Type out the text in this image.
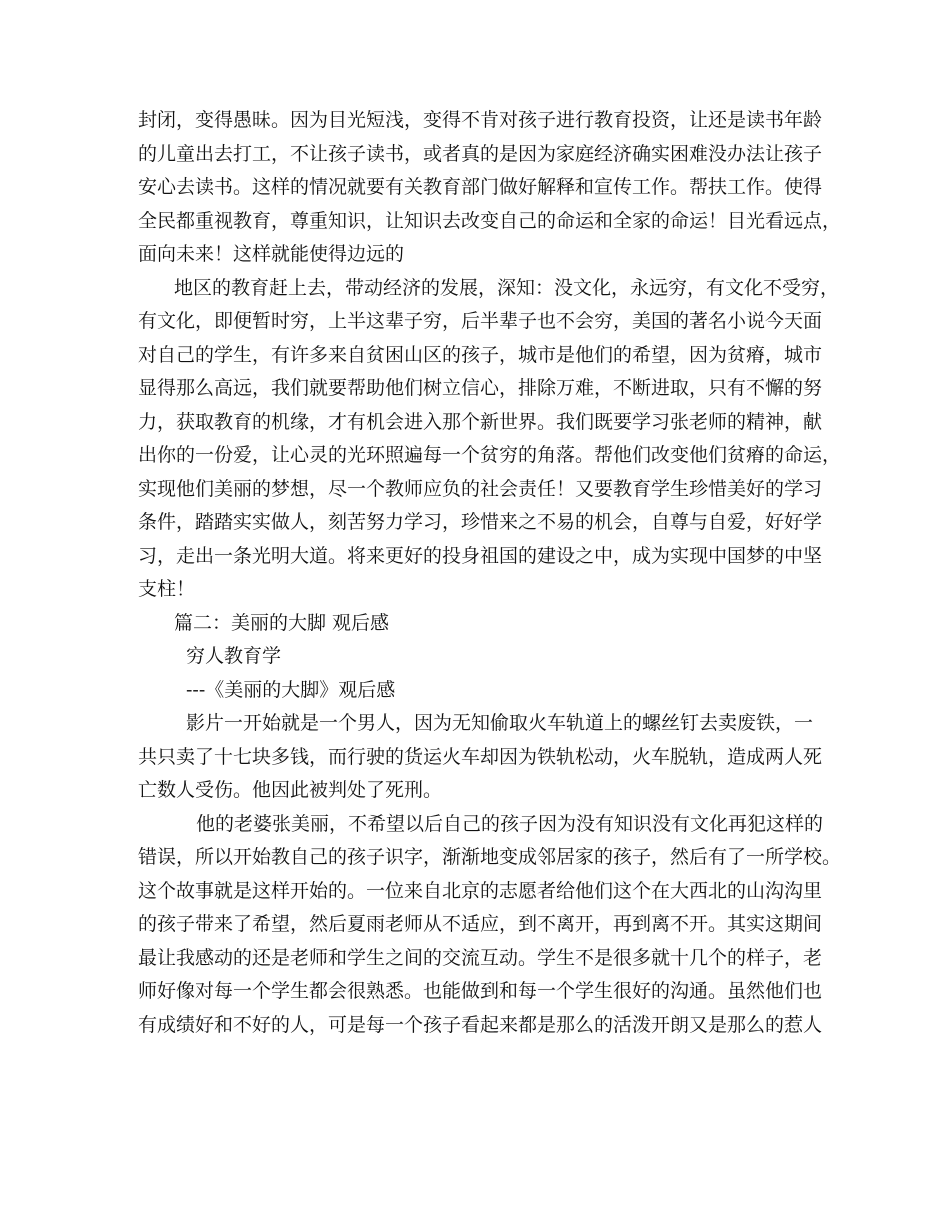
封闭，变得愚昧。因为目光短浅，变得不肯对孩子进行教育投资，让还是读书年龄
的儿童出去打工，不让孩子读书，或者真的是因为家庭经济确实困难没办法让孩子
安心去读书。这样的情况就要有关教育部门做好解释和宣传工作。帮扶工作。使得
全民都重视教育，尊重知识，让知识去改变自己的命运和全家的命运！目光看远点，
面向未来！这样就能使得边远的
地区的教育赶上去，带动经济的发展，深知：没文化，永远穷，有文化不受穷，
有文化，即便暂时穷，上半这辈子穷，后半辈子也不会穷，美国的著名小说今天面
对自己的学生，有许多来自贫困山区的孩子，城市是他们的希望，因为贫瘠，城市
显得那么高远，我们就要帮助他们树立信心，排除万难，不断进取，只有不懈的努
力，获取教育的机缘，才有机会进入那个新世界。我们既要学习张老师的精神，献
出你的一份爱，让心灵的光环照遍每一个贫穷的角落。帮他们改变他们贫瘠的命运，
实现他们美丽的梦想，尽一个教师应负的社会责任！又要教育学生珍惜美好的学习
条件，踏踏实实做人，刻苦努力学习，珍惜来之不易的机会，自尊与自爱，好好学
习，走出一条光明大道。将来更好的投身祖国的建设之中，成为实现中国梦的中坚
支柱！
篇二：美丽的大脚 观后感
穷人教育学
---《美丽的大脚》观后感
影片一开始就是一个男人，因为无知偷取火车轨道上的螺丝钉去卖废铁，一
共只卖了十七块多钱，而行驶的货运火车却因为铁轨松动，火车脱轨，造成两人死
亡数人受伤。他因此被判处了死刑。
他的老婆张美丽，不希望以后自己的孩子因为没有知识没有文化再犯这样的
错误，所以开始教自己的孩子识字，渐渐地变成邻居家的孩子，然后有了一所学校。
这个故事就是这样开始的。一位来自北京的志愿者给他们这个在大西北的山沟沟里
的孩子带来了希望，然后夏雨老师从不适应，到不离开，再到离不开。其实这期间
最让我感动的还是老师和学生之间的交流互动。学生不是很多就十几个的样子，老
师好像对每一个学生都会很熟悉。也能做到和每一个学生很好的沟通。虽然他们也
有成绩好和不好的人，可是每一个孩子看起来都是那么的活泼开朗又是那么的惹人
